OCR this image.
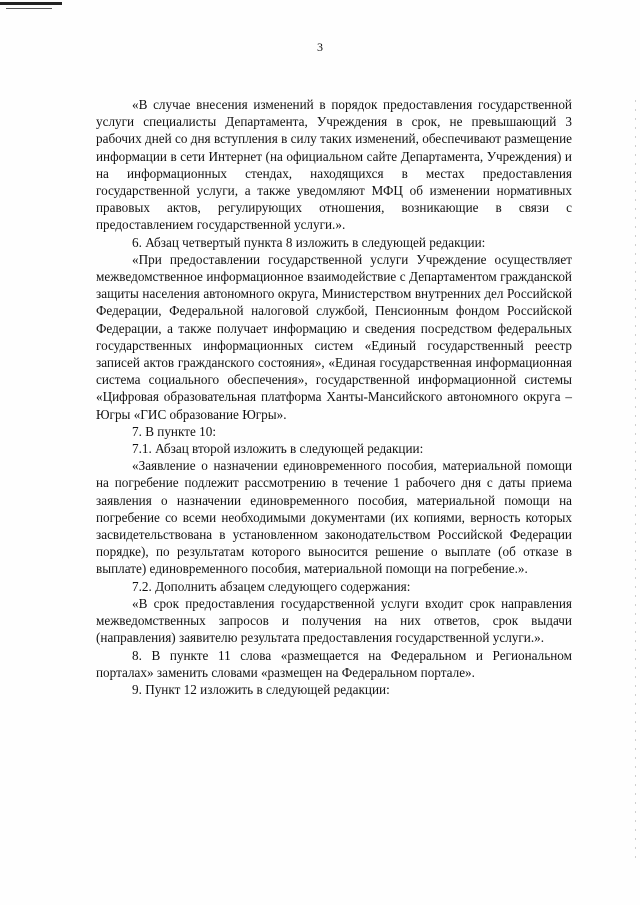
3

«В случае внесения изменений в порядок предоставления государственной услуги специалисты Департамента, Учреждения в срок, не превышающий 3 рабочих дней со дня вступления в силу таких изменений, обеспечивают размещение информации в сети Интернет (на официальном сайте Департамента, Учреждения) и на информационных стендах, находящихся в местах предоставления государственной услуги, а также уведомляют МФЦ об изменении нормативных правовых актов, регулирующих отношения, возникающие в связи с предоставлением государственной услуги.».

6. Абзац четвертый пункта 8 изложить в следующей редакции:

«При предоставлении государственной услуги Учреждение осуществляет межведомственное информационное взаимодействие с Департаментом гражданской защиты населения автономного округа, Министерством внутренних дел Российской Федерации, Федеральной налоговой службой, Пенсионным фондом Российской Федерации, а также получает информацию и сведения посредством федеральных государственных информационных систем «Единый государственный реестр записей актов гражданского состояния», «Единая государственная информационная система социального обеспечения», государственной информационной системы «Цифровая образовательная платформа Ханты-Мансийского автономного округа – Югры «ГИС образование Югры».

7. В пункте 10:

7.1. Абзац второй изложить в следующей редакции:

«Заявление о назначении единовременного пособия, материальной помощи на погребение подлежит рассмотрению в течение 1 рабочего дня с даты приема заявления о назначении единовременного пособия, материальной помощи на погребение со всеми необходимыми документами (их копиями, верность которых засвидетельствована в установленном законодательством Российской Федерации порядке), по результатам которого выносится решение о выплате (об отказе в выплате) единовременного пособия, материальной помощи на погребение.».

7.2. Дополнить абзацем следующего содержания:

«В срок предоставления государственной услуги входит срок направления межведомственных запросов и получения на них ответов, срок выдачи (направления) заявителю результата предоставления государственной услуги.».

8. В пункте 11 слова «размещается на Федеральном и Региональном порталах» заменить словами «размещен на Федеральном портале».

9. Пункт 12 изложить в следующей редакции:
